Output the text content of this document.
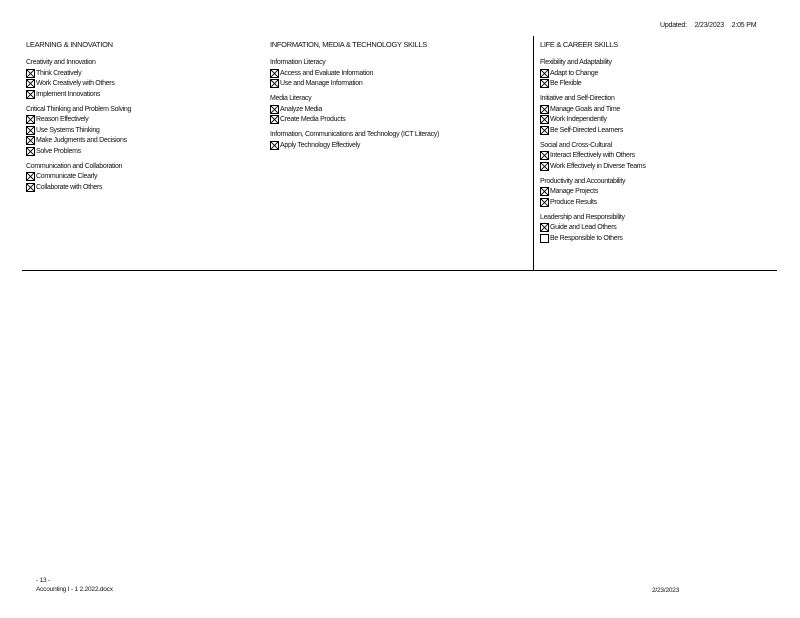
Updated: 2/23/2023 2:05 PM
LEARNING & INNOVATION
Creativity and Innovation
Think Creatively
Work Creatively with Others
Implement Innovations
Critical Thinking and Problem Solving
Reason Effectively
Use Systems Thinking
Make Judgments and Decisions
Solve Problems
Communication and Collaboration
Communicate Clearly
Collaborate with Others
INFORMATION, MEDIA & TECHNOLOGY SKILLS
Information Literacy
Access and Evaluate Information
Use and Manage Information
Media Literacy
Analyze Media
Create Media Products
Information, Communications and Technology (ICT Literacy)
Apply Technology Effectively
LIFE & CAREER SKILLS
Flexibility and Adaptability
Adapt to Change
Be Flexible
Initiative and Self-Direction
Manage Goals and Time
Work Independently
Be Self-Directed Learners
Social and Cross-Cultural
Interact Effectively with Others
Work Effectively in Diverse Teams
Productivity and Accountability
Manage Projects
Produce Results
Leadership and Responsibility
Guide and Lead Others
Be Responsible to Others
- 13 -
Accounting I - 1 2.2022.docx	2/23/2023
